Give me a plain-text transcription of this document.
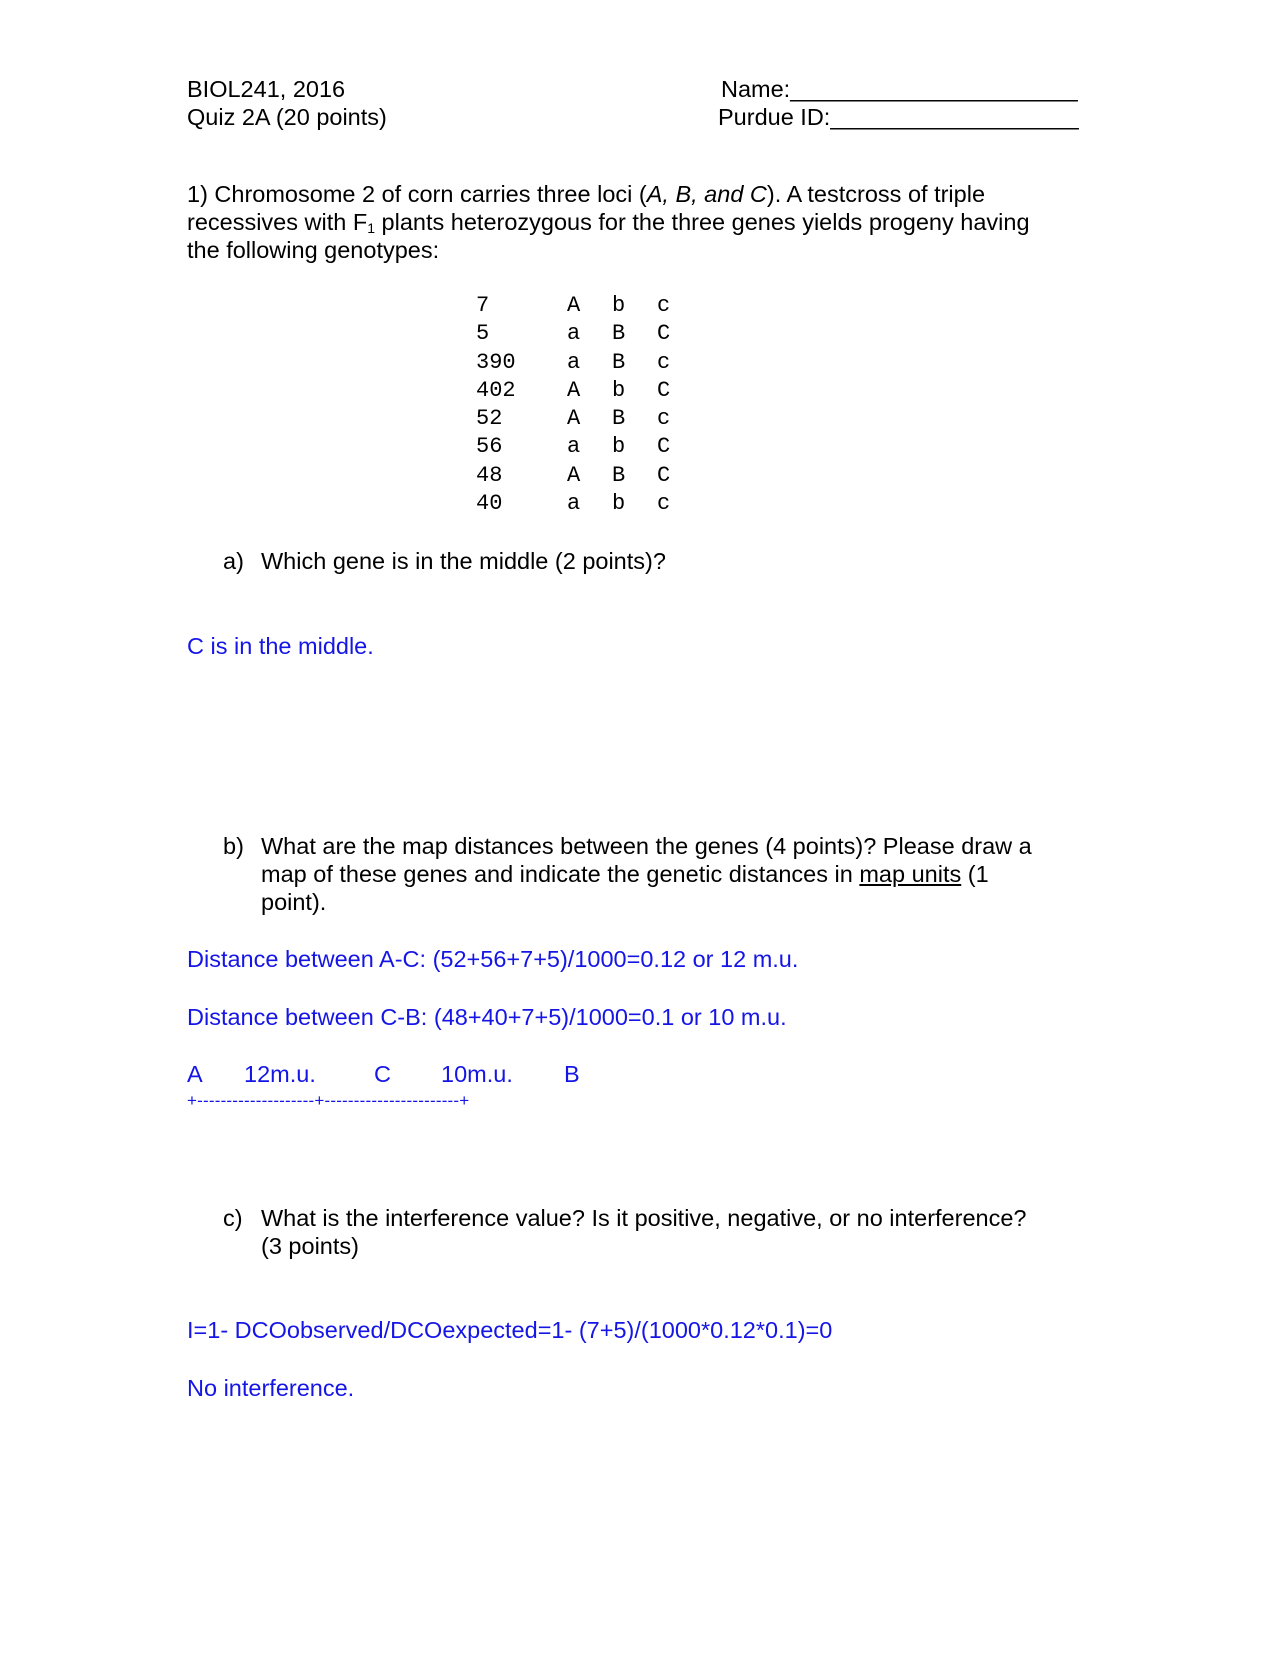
BIOL241, 2016
Quiz 2A (20 points)
Name:______________________
Purdue ID:___________________
1) Chromosome 2 of corn carries three loci (A, B, and C). A testcross of triple
recessives with $F_1$ plants heterozygous for the three genes yields progeny having
the following genotypes:
7	A	b	c
5	a	B	C
390	a	B	c
402	A	b	C
52	A	B	c
56	a	b	C
48	A	B	C
40	a	b	c
a) Which gene is in the middle (2 points)?
C is in the middle.
b) What are the map distances between the genes (4 points)? Please draw a
map of these genes and indicate the genetic distances in map units (1
point).
Distance between A-C: (52+56+7+5)/1000=0.12 or 12 m.u.
Distance between C-B: (48+40+7+5)/1000=0.1 or 10 m.u.
A 12m.u. C 10m.u. B
+--------------------+-----------------------+
c) What is the interference value? Is it positive, negative, or no interference?
(3 points)
I=1- DCOobserved/DCOexpected=1- (7+5)/(1000*0.12*0.1)=0
No interference.
